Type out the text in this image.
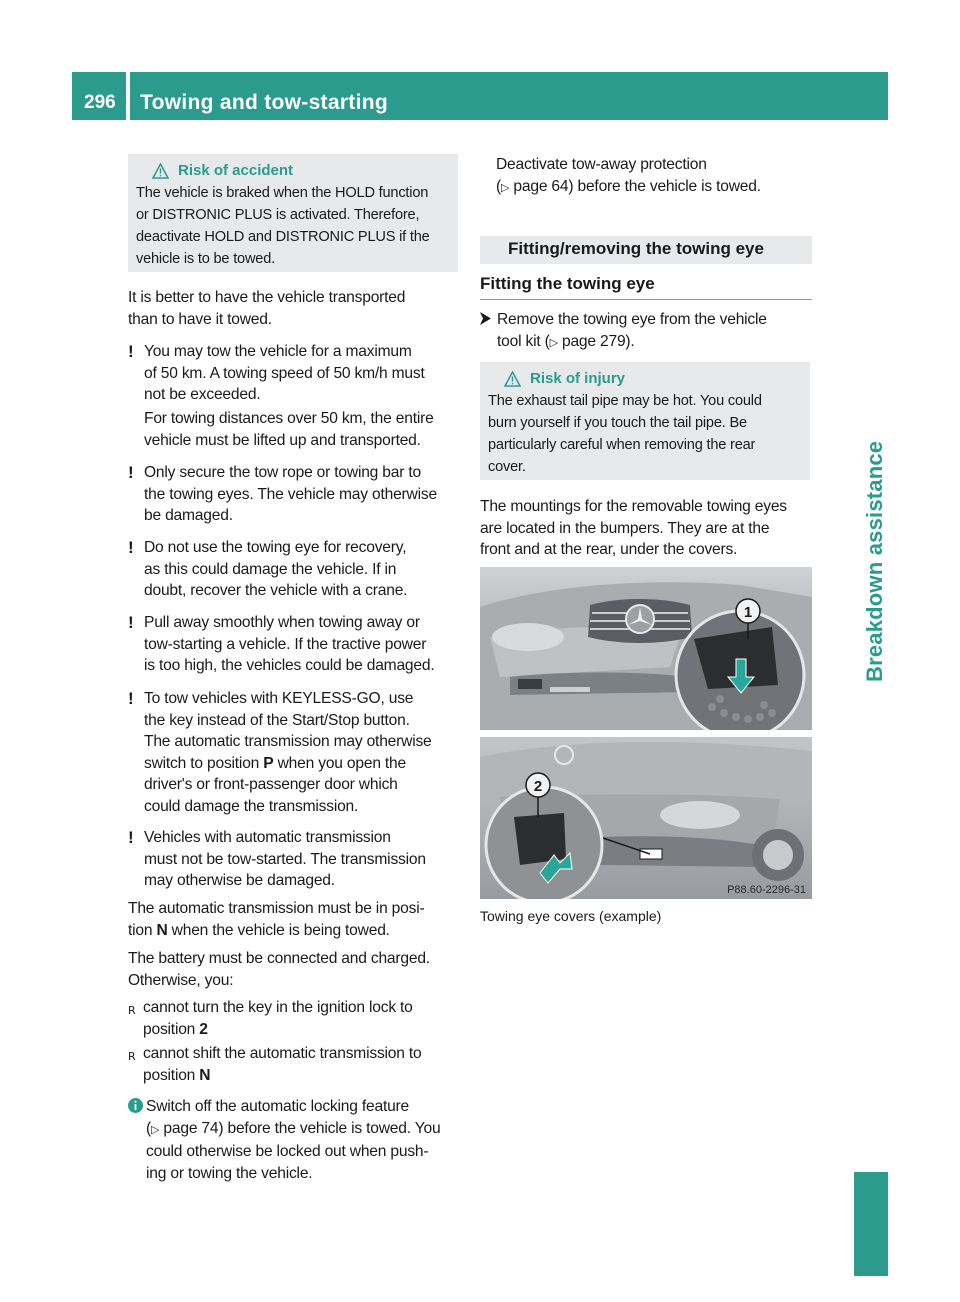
296 Towing and tow-starting
Breakdown assistance
Risk of accident
The vehicle is braked when the HOLD function
or DISTRONIC PLUS is activated. Therefore,
deactivate HOLD and DISTRONIC PLUS if the
vehicle is to be towed.
It is better to have the vehicle transported
than to have it towed.
! You may tow the vehicle for a maximum
of 50 km. A towing speed of 50 km/h must
not be exceeded.
For towing distances over 50 km, the entire
vehicle must be lifted up and transported.
! Only secure the tow rope or towing bar to
the towing eyes. The vehicle may otherwise
be damaged.
! Do not use the towing eye for recovery,
as this could damage the vehicle. If in
doubt, recover the vehicle with a crane.
! Pull away smoothly when towing away or
tow-starting a vehicle. If the tractive power
is too high, the vehicles could be damaged.
! To tow vehicles with KEYLESS-GO, use
the key instead of the Start/Stop button.
The automatic transmission may otherwise
switch to position P when you open the
driver's or front-passenger door which
could damage the transmission.
! Vehicles with automatic transmission
must not be tow-started. The transmission
may otherwise be damaged.
The automatic transmission must be in posi-
tion N when the vehicle is being towed.
The battery must be connected and charged.
Otherwise, you:
R cannot turn the key in the ignition lock to
position 2
R cannot shift the automatic transmission to
position N
Switch off the automatic locking feature
(▷ page 74) before the vehicle is towed. You
could otherwise be locked out when push-
ing or towing the vehicle.
Deactivate tow-away protection
(▷ page 64) before the vehicle is towed.
Fitting/removing the towing eye
Fitting the towing eye
Remove the towing eye from the vehicle
tool kit (▷ page 279).
Risk of injury
The exhaust tail pipe may be hot. You could
burn yourself if you touch the tail pipe. Be
particularly careful when removing the rear
cover.
The mountings for the removable towing eyes
are located in the bumpers. They are at the
front and at the rear, under the covers.
1
2
P88.60-2296-31
Towing eye covers (example)
